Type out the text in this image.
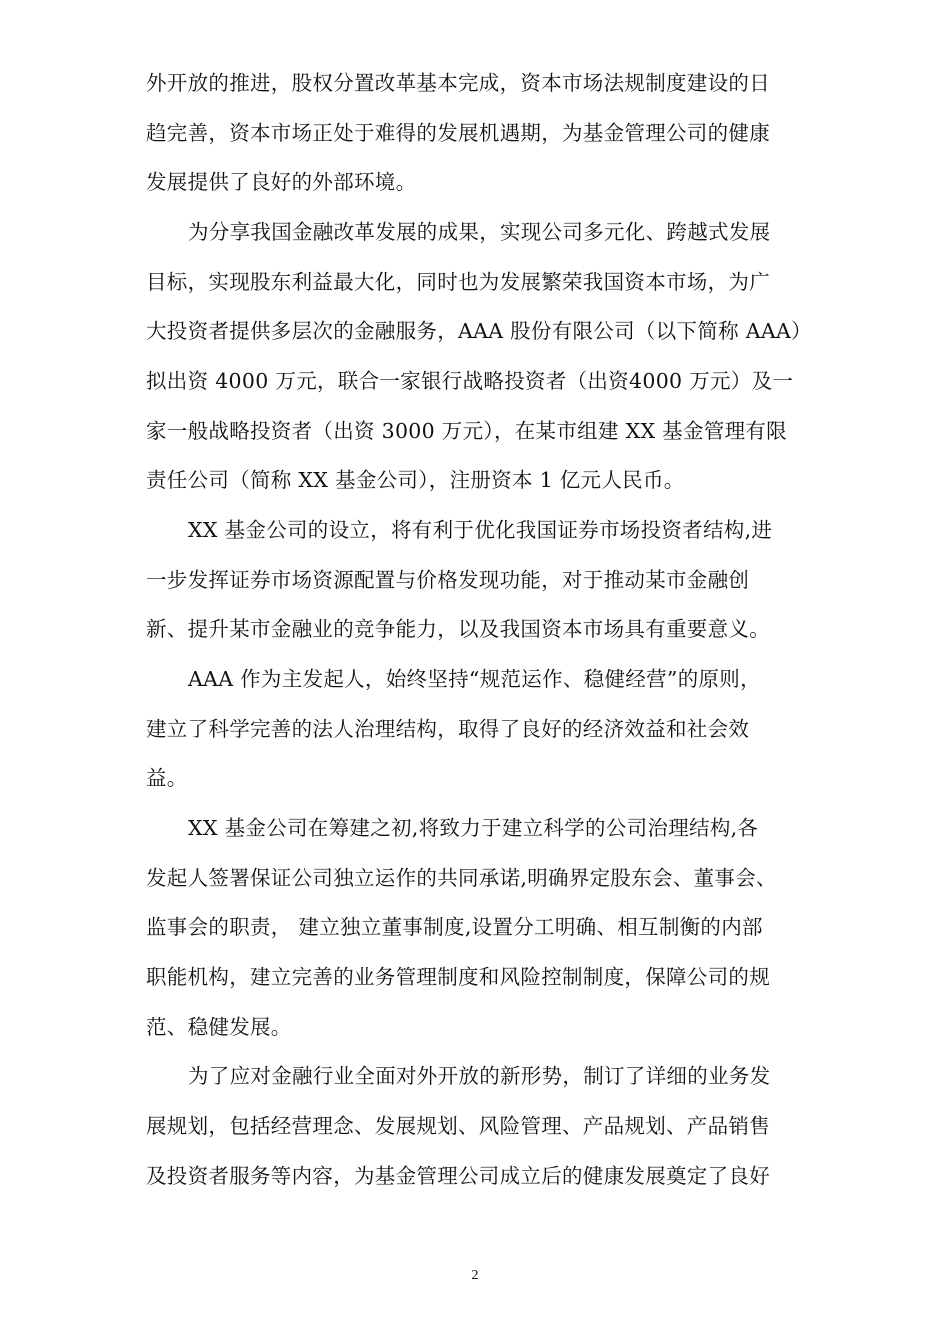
外开放的推进，股权分置改革基本完成，资本市场法规制度建设的日
趋完善，资本市场正处于难得的发展机遇期，为基金管理公司的健康
发展提供了良好的外部环境。
为分享我国金融改革发展的成果，实现公司多元化、跨越式发展
目标，实现股东利益最大化，同时也为发展繁荣我国资本市场，为广
大投资者提供多层次的金融服务，AAA 股份有限公司（以下简称 AAA）
拟出资 4000 万元，联合一家银行战略投资者（出资4000 万元）及一
家一般战略投资者（出资 3000 万元），在某市组建 XX 基金管理有限
责任公司（简称 XX 基金公司），注册资本 1 亿元人民币。
XX 基金公司的设立，将有利于优化我国证券市场投资者结构,进
一步发挥证券市场资源配置与价格发现功能，对于推动某市金融创
新、提升某市金融业的竞争能力，以及我国资本市场具有重要意义。
AAA 作为主发起人，始终坚持“规范运作、稳健经营”的原则，
建立了科学完善的法人治理结构，取得了良好的经济效益和社会效
益。
XX 基金公司在筹建之初,将致力于建立科学的公司治理结构,各
发起人签署保证公司独立运作的共同承诺,明确界定股东会、董事会、
监事会的职责， 建立独立董事制度,设置分工明确、相互制衡的内部
职能机构，建立完善的业务管理制度和风险控制制度，保障公司的规
范、稳健发展。
为了应对金融行业全面对外开放的新形势，制订了详细的业务发
展规划，包括经营理念、发展规划、风险管理、产品规划、产品销售
及投资者服务等内容，为基金管理公司成立后的健康发展奠定了良好
2
